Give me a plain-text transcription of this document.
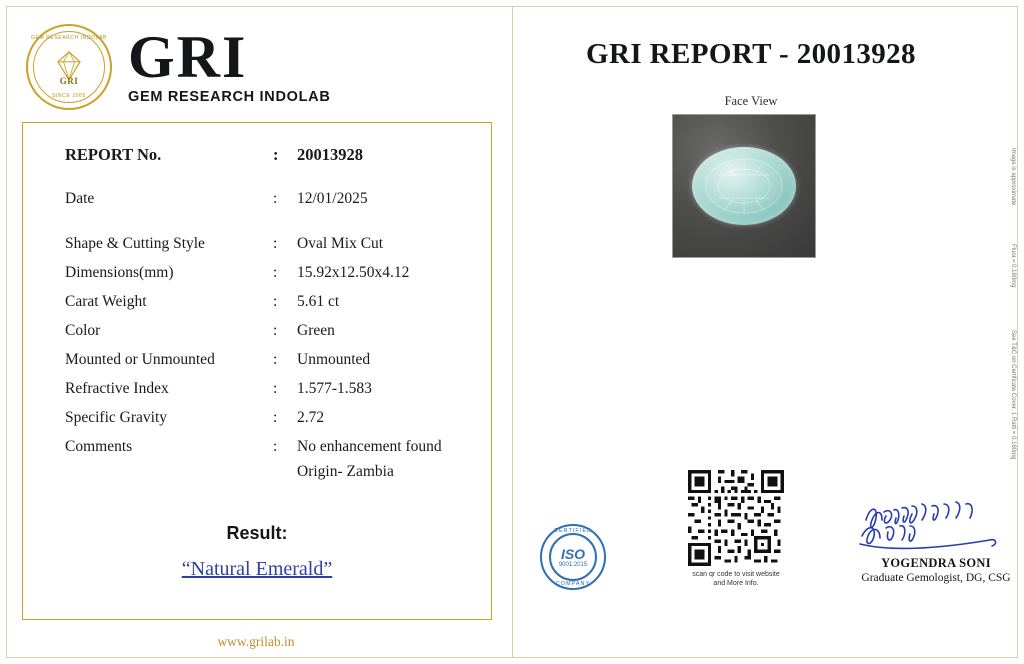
GEM RESEARCH INDOLAB
GRI
SINCE 2005
GRI
GEM RESEARCH INDOLAB
REPORT No.	:	20013928
Date	:	12/01/2025
Shape & Cutting Style	:	Oval Mix Cut
Dimensions(mm)	:	15.92x12.50x4.12
Carat Weight	:	5.61 ct
Color	:	Green
Mounted or Unmounted	:	Unmounted
Refractive Index	:	1.577-1.583
Specific Gravity	:	2.72
Comments	:	No enhancement found
Origin- Zambia
Result:
“Natural Emerald”
www.grilab.in
GRI REPORT - 20013928
Face View
Image is approximate
Fluor.= 0.180mg
See T&C on Certificate Cover. 1 Ratti = 0.180mg
CERTIFIED
ISO
9001:2015
COMPANY
scan qr code to visit website
and More Info.
YOGENDRA SONI
Graduate Gemologist, DG, CSG
